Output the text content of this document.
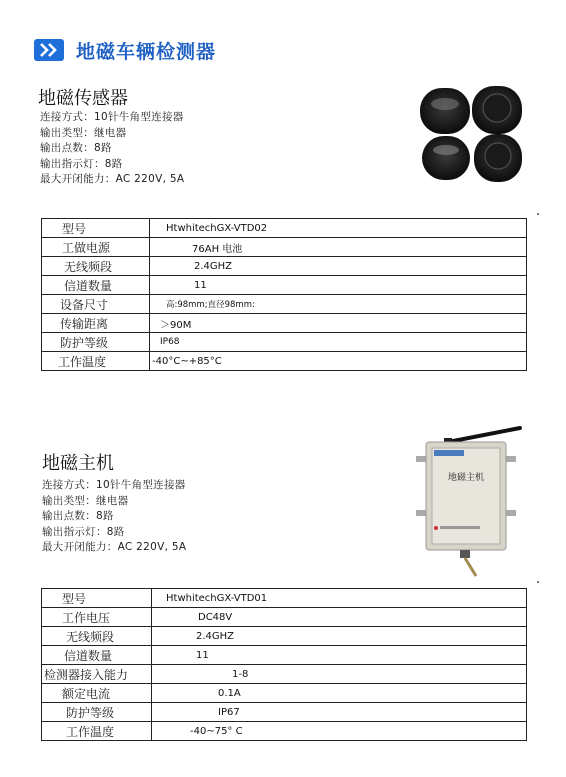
地磁车辆检测器
地磁传感器
连接方式：10针牛角型连接器
输出类型：继电器
输出点数：8路
输出指示灯：8路
最大开闭能力：AC 220V, 5A
型号	HtwhitechGX-VTD02
工做电源	76AH 电池
无线频段	2.4GHZ
信道数量	11
设备尺寸	高:98mm;直径98mm:
传输距离	＞90M
防护等级	IP68
工作温度	-40°C~+85°C
地磁主机
连接方式：10针牛角型连接器
输出类型：继电器
输出点数：8路
输出指示灯：8路
最大开闭能力：AC 220V, 5A
地磁主机
型号	HtwhitechGX-VTD01
工作电压	DC48V
无线频段	2.4GHZ
信道数量	11
检测器接入能力	1-8
额定电流	0.1A
防护等级	IP67
工作温度	-40~75° C
